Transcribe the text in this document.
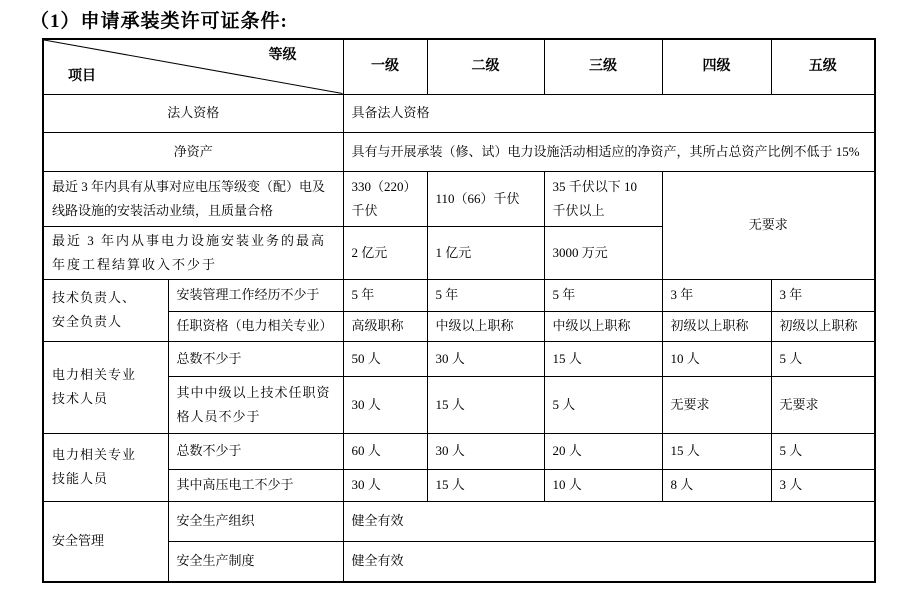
（1）申请承装类许可证条件:
等级
项目		一级	二级	三级	四级	五级
法人资格		具备法人资格				
净资产		具有与开展承装（修、试）电力设施活动相适应的净资产，其所占总资产比例不低于 15%				
最近 3 年内具有从事对应电压等级变（配）电及线路设施的安装活动业绩，且质量合格		330（220）千伏	110（66）千伏	35 千伏以下 10 千伏以上	无要求	
最近 3 年内从事电力设施安装业务的最高年度工程结算收入不少于		2 亿元	1 亿元	3000 万元		
技术负责人、安全负责人	安装管理工作经历不少于	5 年	5 年	5 年	3 年	3 年
	任职资格（电力相关专业）	高级职称	中级以上职称	中级以上职称	初级以上职称	初级以上职称
电力相关专业技术人员	总数不少于	50 人	30 人	15 人	10 人	5 人
	其中中级以上技术任职资格人员不少于	30 人	15 人	5 人	无要求	无要求
电力相关专业技能人员	总数不少于	60 人	30 人	20 人	15 人	5 人
	其中高压电工不少于	30 人	15 人	10 人	8 人	3 人
安全管理	安全生产组织	健全有效				
	安全生产制度	健全有效				
